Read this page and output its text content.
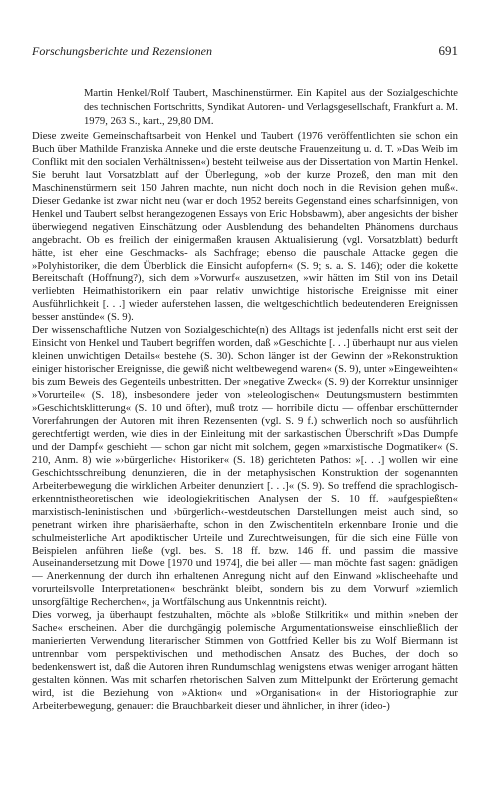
Forschungsberichte und Rezensionen	691
Martin Henkel/Rolf Taubert, Maschinenstürmer. Ein Kapitel aus der Sozialgeschichte des technischen Fortschritts, Syndikat Autoren- und Verlagsgesellschaft, Frankfurt a. M. 1979, 263 S., kart., 29,80 DM.

Diese zweite Gemeinschaftsarbeit von Henkel und Taubert (1976 veröffentlichten sie schon ein Buch über Mathilde Franziska Anneke und die erste deutsche Frauenzeitung u. d. T. »Das Weib im Conflikt mit den socialen Verhältnissen«) besteht teilweise aus der Dissertation von Martin Henkel. Sie beruht laut Vorsatzblatt auf der Überlegung, »ob der kurze Prozeß, den man mit den Maschinenstürmern seit 150 Jahren machte, nun nicht doch noch in die Revision gehen muß«. Dieser Gedanke ist zwar nicht neu (war er doch 1952 bereits Gegenstand eines scharfsinnigen, von Henkel und Taubert selbst herangezogenen Essays von Eric Hobsbawm), aber angesichts der bisher überwiegend negativen Einschätzung oder Ausblendung des behandelten Phänomens durchaus angebracht. Ob es freilich der einigermaßen krausen Aktualisierung (vgl. Vorsatzblatt) bedurft hätte, ist eher eine Geschmacks- als Sachfrage; ebenso die pauschale Attacke gegen die »Polyhistoriker, die dem Überblick die Einsicht aufopfern« (S. 9; s. a. S. 146); oder die kokette Bereitschaft (Hoffnung?), sich dem »Vorwurf« auszusetzen, »wir hätten im Stil von ins Detail verliebten Heimathistorikern ein paar relativ unwichtige historische Ereignisse mit einer Ausführlichkeit [. . .] wieder auferstehen lassen, die weltgeschichtlich bedeutenderen Ereignissen besser anstünde« (S. 9).

Der wissenschaftliche Nutzen von Sozialgeschichte(n) des Alltags ist jedenfalls nicht erst seit der Einsicht von Henkel und Taubert begriffen worden, daß »Geschichte [. . .] überhaupt nur aus vielen kleinen unwichtigen Details« bestehe (S. 30). Schon länger ist der Gewinn der »Rekonstruktion einiger historischer Ereignisse, die gewiß nicht weltbewegend waren« (S. 9), unter »Eingeweihten« bis zum Beweis des Gegenteils unbestritten. Der »negative Zweck« (S. 9) der Korrektur unsinniger »Vorurteile« (S. 18), insbesondere jeder von »teleologischen« Deutungsmustern bestimmten »Geschichtsklitterung« (S. 10 und öfter), muß trotz — horribile dictu — offenbar erschütternder Vorerfahrungen der Autoren mit ihren Rezensenten (vgl. S. 9 f.) schwerlich noch so ausführlich gerechtfertigt werden, wie dies in der Einleitung mit der sarkastischen Überschrift »Das Dumpfe und der Dampf« geschieht — schon gar nicht mit solchem, gegen »marxistische Dogmatiker« (S. 210, Anm. 8) wie »›bürgerliche‹ Historiker« (S. 18) gerichteten Pathos: »[. . .] wollen wir eine Geschichtsschreibung denunzieren, die in der metaphysischen Konstruktion der sogenannten Arbeiterbewegung die wirklichen Arbeiter denunziert [. . .]« (S. 9). So treffend die sprachlogisch-erkenntnistheoretischen wie ideologiekritischen Analysen der S. 10 ff. »aufgespießten« marxistisch-leninistischen und ›bürgerlich‹-westdeutschen Darstellungen meist auch sind, so penetrant wirken ihre pharisäerhafte, schon in den Zwischentiteln erkennbare Ironie und die schulmeisterliche Art apodiktischer Urteile und Zurechtweisungen, für die sich eine Fülle von Beispielen anführen ließe (vgl. bes. S. 18 ff. bzw. 146 ff. und passim die massive Auseinandersetzung mit Dowe [1970 und 1974], die bei aller — man möchte fast sagen: gnädigen — Anerkennung der durch ihn erhaltenen Anregung nicht auf den Einwand »klischeehafte und vorurteilsvolle Interpretationen« beschränkt bleibt, sondern bis zu dem Vorwurf »ziemlich unsorgfältige Recherchen«, ja Wortfälschung aus Unkenntnis reicht).

Dies vorweg, ja überhaupt festzuhalten, möchte als »bloße Stilkritik« und mithin »neben der Sache« erscheinen. Aber die durchgängig polemische Argumentationsweise einschließlich der manierierten Verwendung literarischer Stimmen von Gottfried Keller bis zu Wolf Biermann ist untrennbar vom perspektivischen und methodischen Ansatz des Buches, der doch so bedenkenswert ist, daß die Autoren ihren Rundumschlag wenigstens etwas weniger arrogant hätten gestalten können. Was mit scharfen rhetorischen Salven zum Mittelpunkt der Erörterung gemacht wird, ist die Beziehung von »Aktion« und »Organisation« in der Historiographie zur Arbeiterbewegung, genauer: die Brauchbarkeit dieser und ähnlicher, in ihrer (ideo-)
